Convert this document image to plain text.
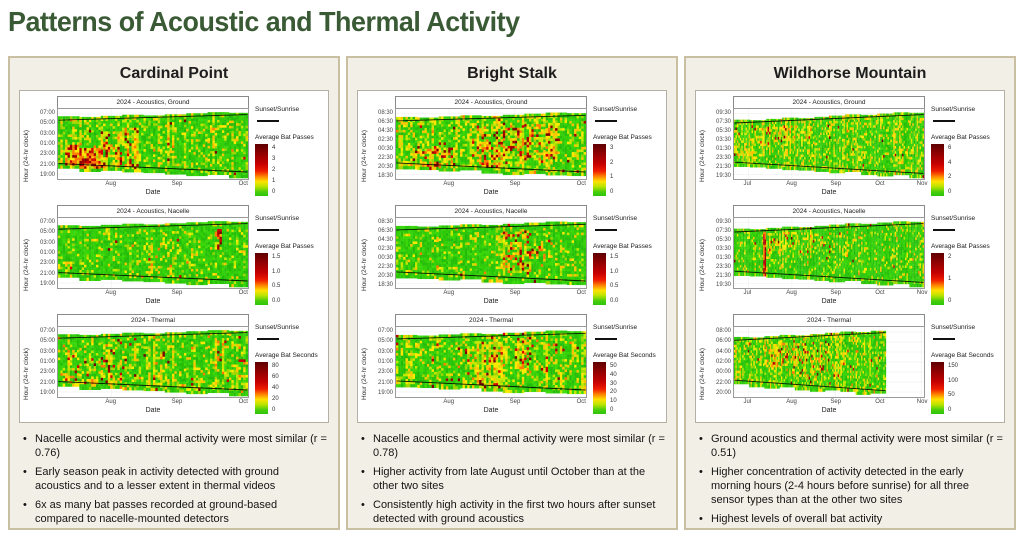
Patterns of Acoustic and Thermal Activity
Cardinal Point
Hour (24-hr clock)
07:00
05:00
03:00
01:00
23:00
21:00
19:00
2024 - Acoustics, Ground
Aug	Sep	Oct
Date
Sunset/Sunrise
Average Bat Passes
4
3
2
1
0
Hour (24-hr clock)
07:00
05:00
03:00
01:00
23:00
21:00
19:00
2024 - Acoustics, Nacelle
Aug	Sep	Oct
Date
Sunset/Sunrise
Average Bat Passes
1.5
1.0
0.5
0.0
Hour (24-hr clock)
07:00
05:00
03:00
01:00
23:00
21:00
19:00
2024 - Thermal
Aug	Sep	Oct
Date
Sunset/Sunrise
Average Bat Seconds
80
60
40
20
0
• Nacelle acoustics and thermal activity were most similar (r = 0.76)
• Early season peak in activity detected with ground acoustics and to a lesser extent in thermal videos
• 6x as many bat passes recorded at ground-based compared to nacelle-mounted detectors
Bright Stalk
Hour (24-hr clock)
08:30
06:30
04:30
02:30
00:30
22:30
20:30
18:30
2024 - Acoustics, Ground
Aug	Sep	Oct
Date
Sunset/Sunrise
Average Bat Passes
3
2
1
0
Hour (24-hr clock)
08:30
06:30
04:30
02:30
00:30
22:30
20:30
18:30
2024 - Acoustics, Nacelle
Aug	Sep	Oct
Date
Sunset/Sunrise
Average Bat Passes
1.5
1.0
0.5
0.0
Hour (24-hr clock)
07:00
05:00
03:00
01:00
23:00
21:00
19:00
2024 - Thermal
Aug	Sep	Oct
Date
Sunset/Sunrise
Average Bat Seconds
50
40
30
20
10
0
• Nacelle acoustics and thermal activity were most similar (r = 0.78)
• Higher activity from late August until October than at the other two sites
• Consistently high activity in the first two hours after sunset detected with ground acoustics
Wildhorse Mountain
Hour (24-hr clock)
09:30
07:30
05:30
03:30
01:30
23:30
21:30
19:30
2024 - Acoustics, Ground
Jul	Aug	Sep	Oct	Nov
Date
Sunset/Sunrise
Average Bat Passes
6
4
2
0
Hour (24-hr clock)
09:30
07:30
05:30
03:30
01:30
23:30
21:30
19:30
2024 - Acoustics, Nacelle
Jul	Aug	Sep	Oct	Nov
Date
Sunset/Sunrise
Average Bat Passes
2
1
0
Hour (24-hr clock)
08:00
06:00
04:00
02:00
00:00
22:00
20:00
2024 - Thermal
Jul	Aug	Sep	Oct	Nov
Date
Sunset/Sunrise
Average Bat Seconds
150
100
50
0
• Ground acoustics and thermal activity were most similar (r = 0.51)
• Higher concentration of activity detected in the early morning hours (2-4 hours before sunrise) for all three sensor types than at the other two sites
• Highest levels of overall bat activity
